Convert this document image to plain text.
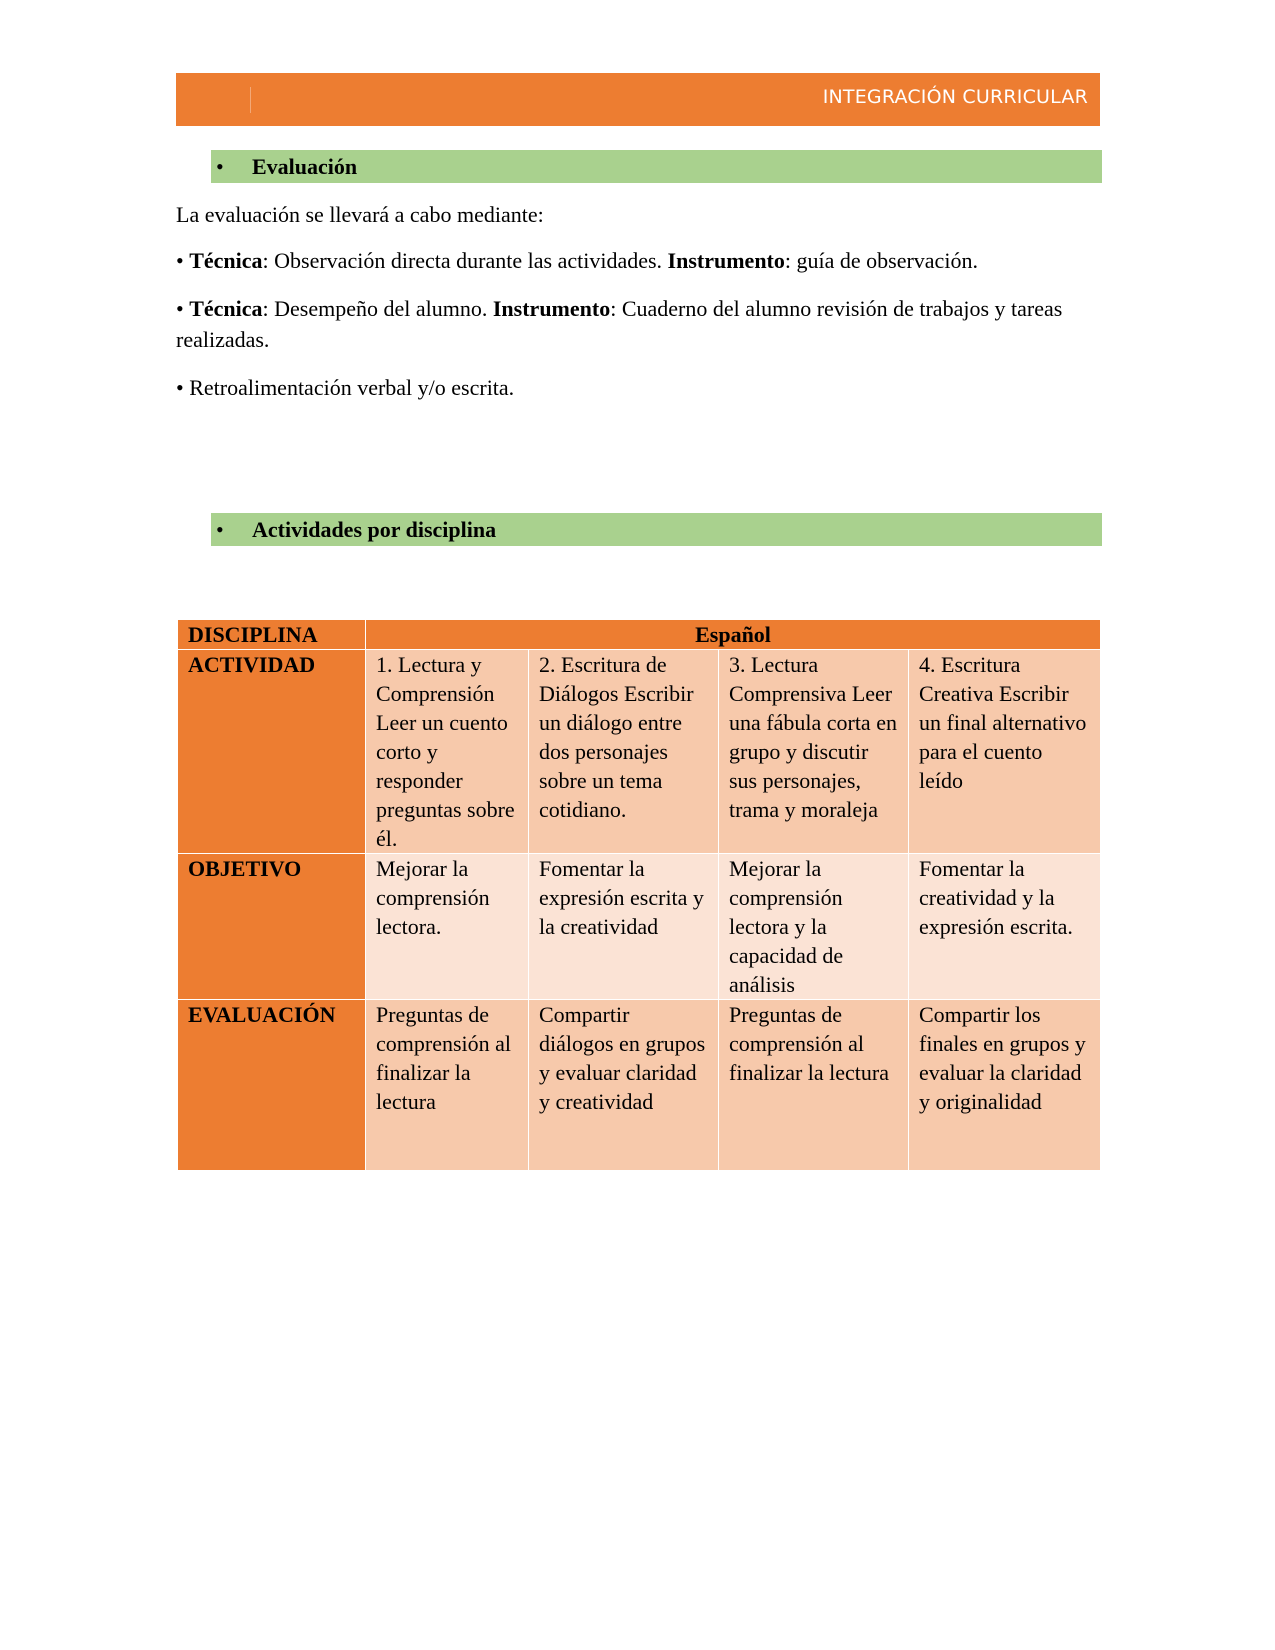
INTEGRACIÓN CURRICULAR
• Evaluación
La evaluación se llevará a cabo mediante:
• Técnica: Observación directa durante las actividades. Instrumento: guía de observación.
• Técnica: Desempeño del alumno. Instrumento: Cuaderno del alumno revisión de trabajos y tareas realizadas.
• Retroalimentación verbal y/o escrita.
• Actividades por disciplina
DISCIPLINA	Español			
ACTIVIDAD	1. Lectura y Comprensión Leer un cuento corto y responder preguntas sobre él.	2. Escritura de Diálogos Escribir un diálogo entre dos personajes sobre un tema cotidiano.	3. Lectura Comprensiva Leer una fábula corta en grupo y discutir sus personajes, trama y moraleja	4. Escritura Creativa Escribir un final alternativo para el cuento leído
OBJETIVO	Mejorar la comprensión lectora.	Fomentar la expresión escrita y la creatividad	Mejorar la comprensión lectora y la capacidad de análisis	Fomentar la creatividad y la expresión escrita.
EVALUACIÓN	Preguntas de comprensión al finalizar la lectura	Compartir diálogos en grupos y evaluar claridad y creatividad	Preguntas de comprensión al finalizar la lectura	Compartir los finales en grupos y evaluar la claridad y originalidad
